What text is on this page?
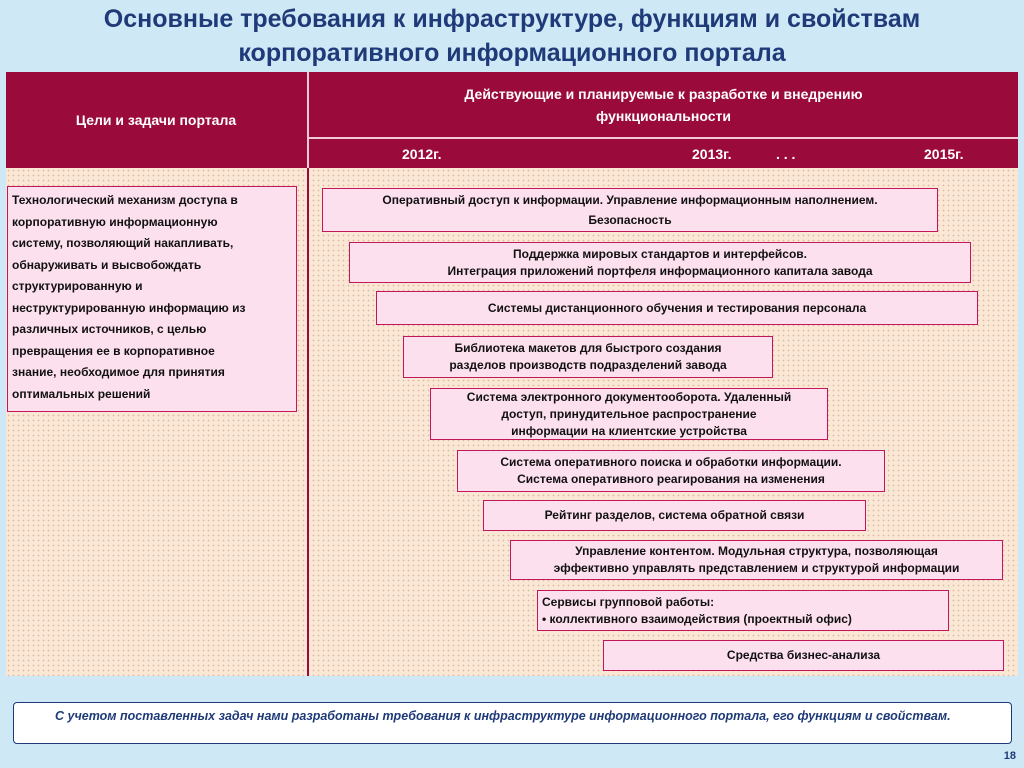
Основные требования к инфраструктуре, функциям и свойствам
корпоративного информационного портала
Цели и задачи портала
Действующие и планируемые к разработке и внедрению
функциональности
2012г.	2013г.	. . .	2015г.
Технологический механизм доступа в
корпоративную информационную
систему, позволяющий накапливать,
обнаруживать и высвобождать
структурированную и
неструктурированную информацию из
различных источников, с целью
превращения ее в корпоративное
знание, необходимое для принятия
оптимальных решений
Оперативный доступ к информации. Управление информационным наполнением.
Безопасность
Поддержка мировых стандартов и интерфейсов.
Интеграция приложений портфеля информационного капитала завода
Системы дистанционного обучения и тестирования персонала
Библиотека макетов для быстрого создания
разделов производств подразделений завода
Система электронного документооборота. Удаленный
доступ, принудительное распространение
информации на клиентские устройства
Система оперативного поиска и обработки информации.
Система оперативного реагирования на изменения
Рейтинг разделов, система обратной связи
Управление контентом. Модульная структура, позволяющая
эффективно управлять представлением и структурой информации
Сервисы групповой работы:
• коллективного взаимодействия (проектный офис)
Средства бизнес-анализа
С учетом поставленных задач нами разработаны требования к инфраструктуре информационного портала, его функциям и свойствам.
18
